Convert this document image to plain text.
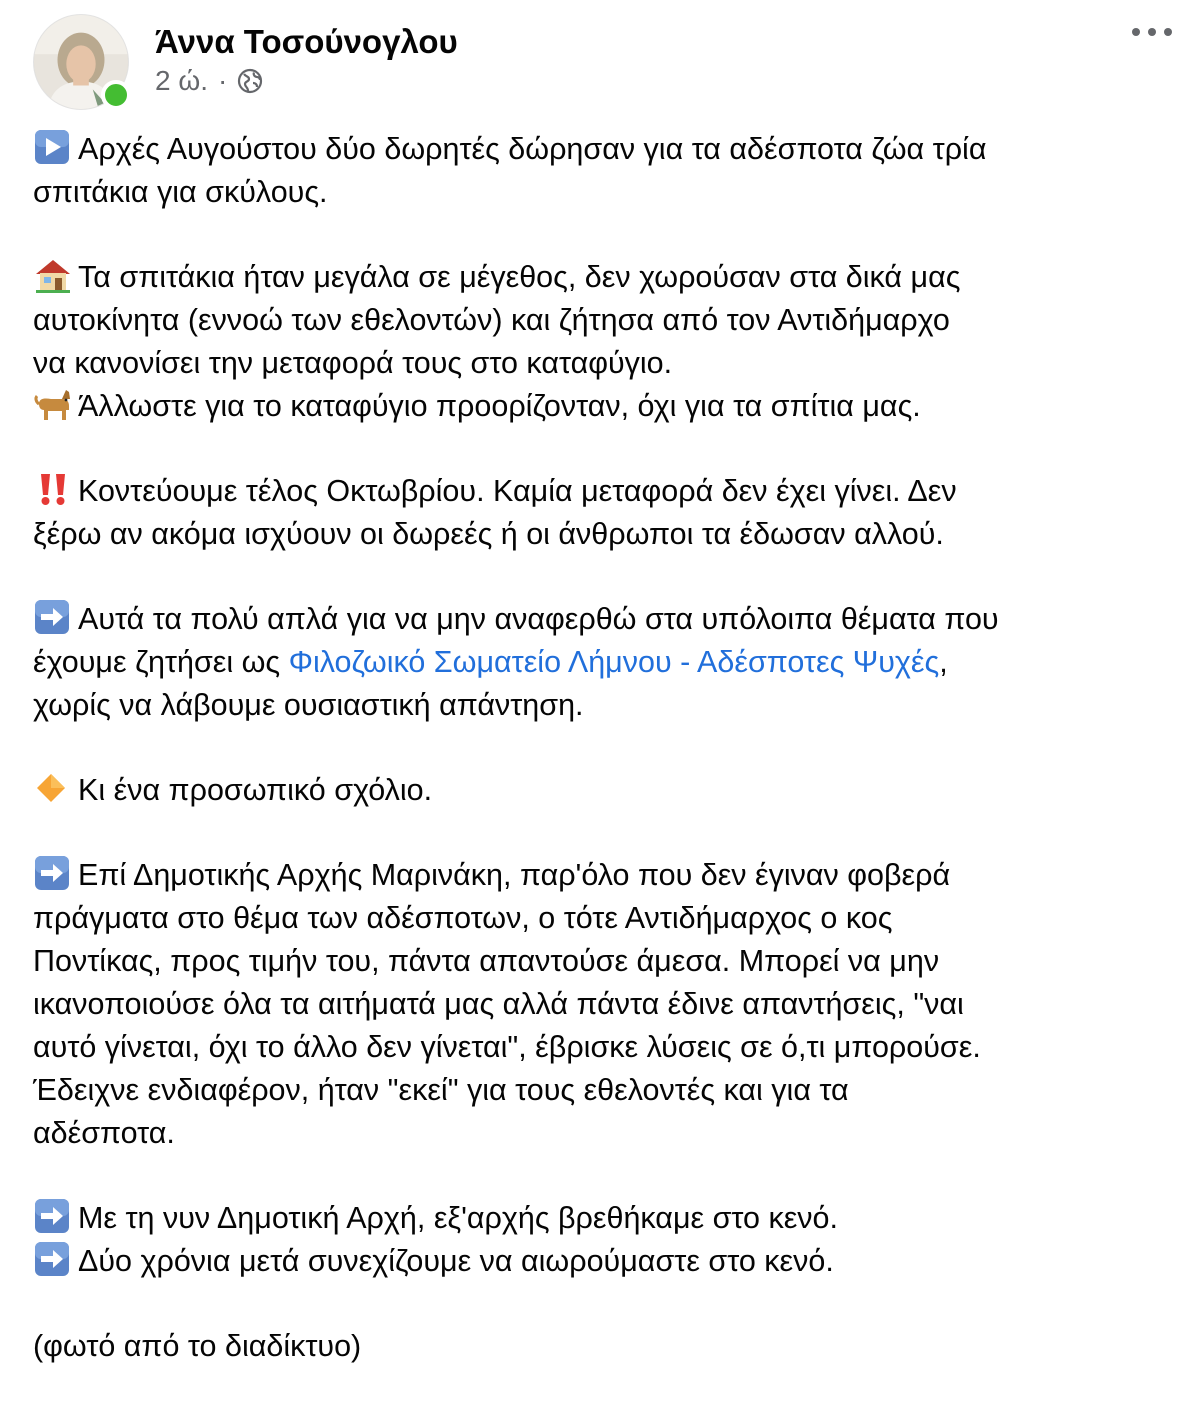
Άννα Τοσούνογλου
2 ώ. ·
Αρχές Αυγούστου δύο δωρητές δώρησαν για τα αδέσποτα ζώα τρία
σπιτάκια για σκύλους.
Τα σπιτάκια ήταν μεγάλα σε μέγεθος, δεν χωρούσαν στα δικά μας
αυτοκίνητα (εννοώ των εθελοντών) και ζήτησα από τον Αντιδήμαρχο
να κανονίσει την μεταφορά τους στο καταφύγιο.
Άλλωστε για το καταφύγιο προορίζονταν, όχι για τα σπίτια μας.
Κοντεύουμε τέλος Οκτωβρίου. Καμία μεταφορά δεν έχει γίνει. Δεν
ξέρω αν ακόμα ισχύουν οι δωρεές ή οι άνθρωποι τα έδωσαν αλλού.
Αυτά τα πολύ απλά για να μην αναφερθώ στα υπόλοιπα θέματα που
έχουμε ζητήσει ως Φιλοζωικό Σωματείο Λήμνου - Αδέσποτες Ψυχές,
χωρίς να λάβουμε ουσιαστική απάντηση.
Κι ένα προσωπικό σχόλιο.
Επί Δημοτικής Αρχής Μαρινάκη, παρ'όλο που δεν έγιναν φοβερά
πράγματα στο θέμα των αδέσποτων, ο τότε Αντιδήμαρχος ο κος
Ποντίκας, προς τιμήν του, πάντα απαντούσε άμεσα. Μπορεί να μην
ικανοποιούσε όλα τα αιτήματά μας αλλά πάντα έδινε απαντήσεις, "ναι
αυτό γίνεται, όχι το άλλο δεν γίνεται", έβρισκε λύσεις σε ό,τι μπορούσε.
Έδειχνε ενδιαφέρον, ήταν "εκεί" για τους εθελοντές και για τα
αδέσποτα.
Με τη νυν Δημοτική Αρχή, εξ'αρχής βρεθήκαμε στο κενό.
Δύο χρόνια μετά συνεχίζουμε να αιωρούμαστε στο κενό.
(φωτό από το διαδίκτυο)
